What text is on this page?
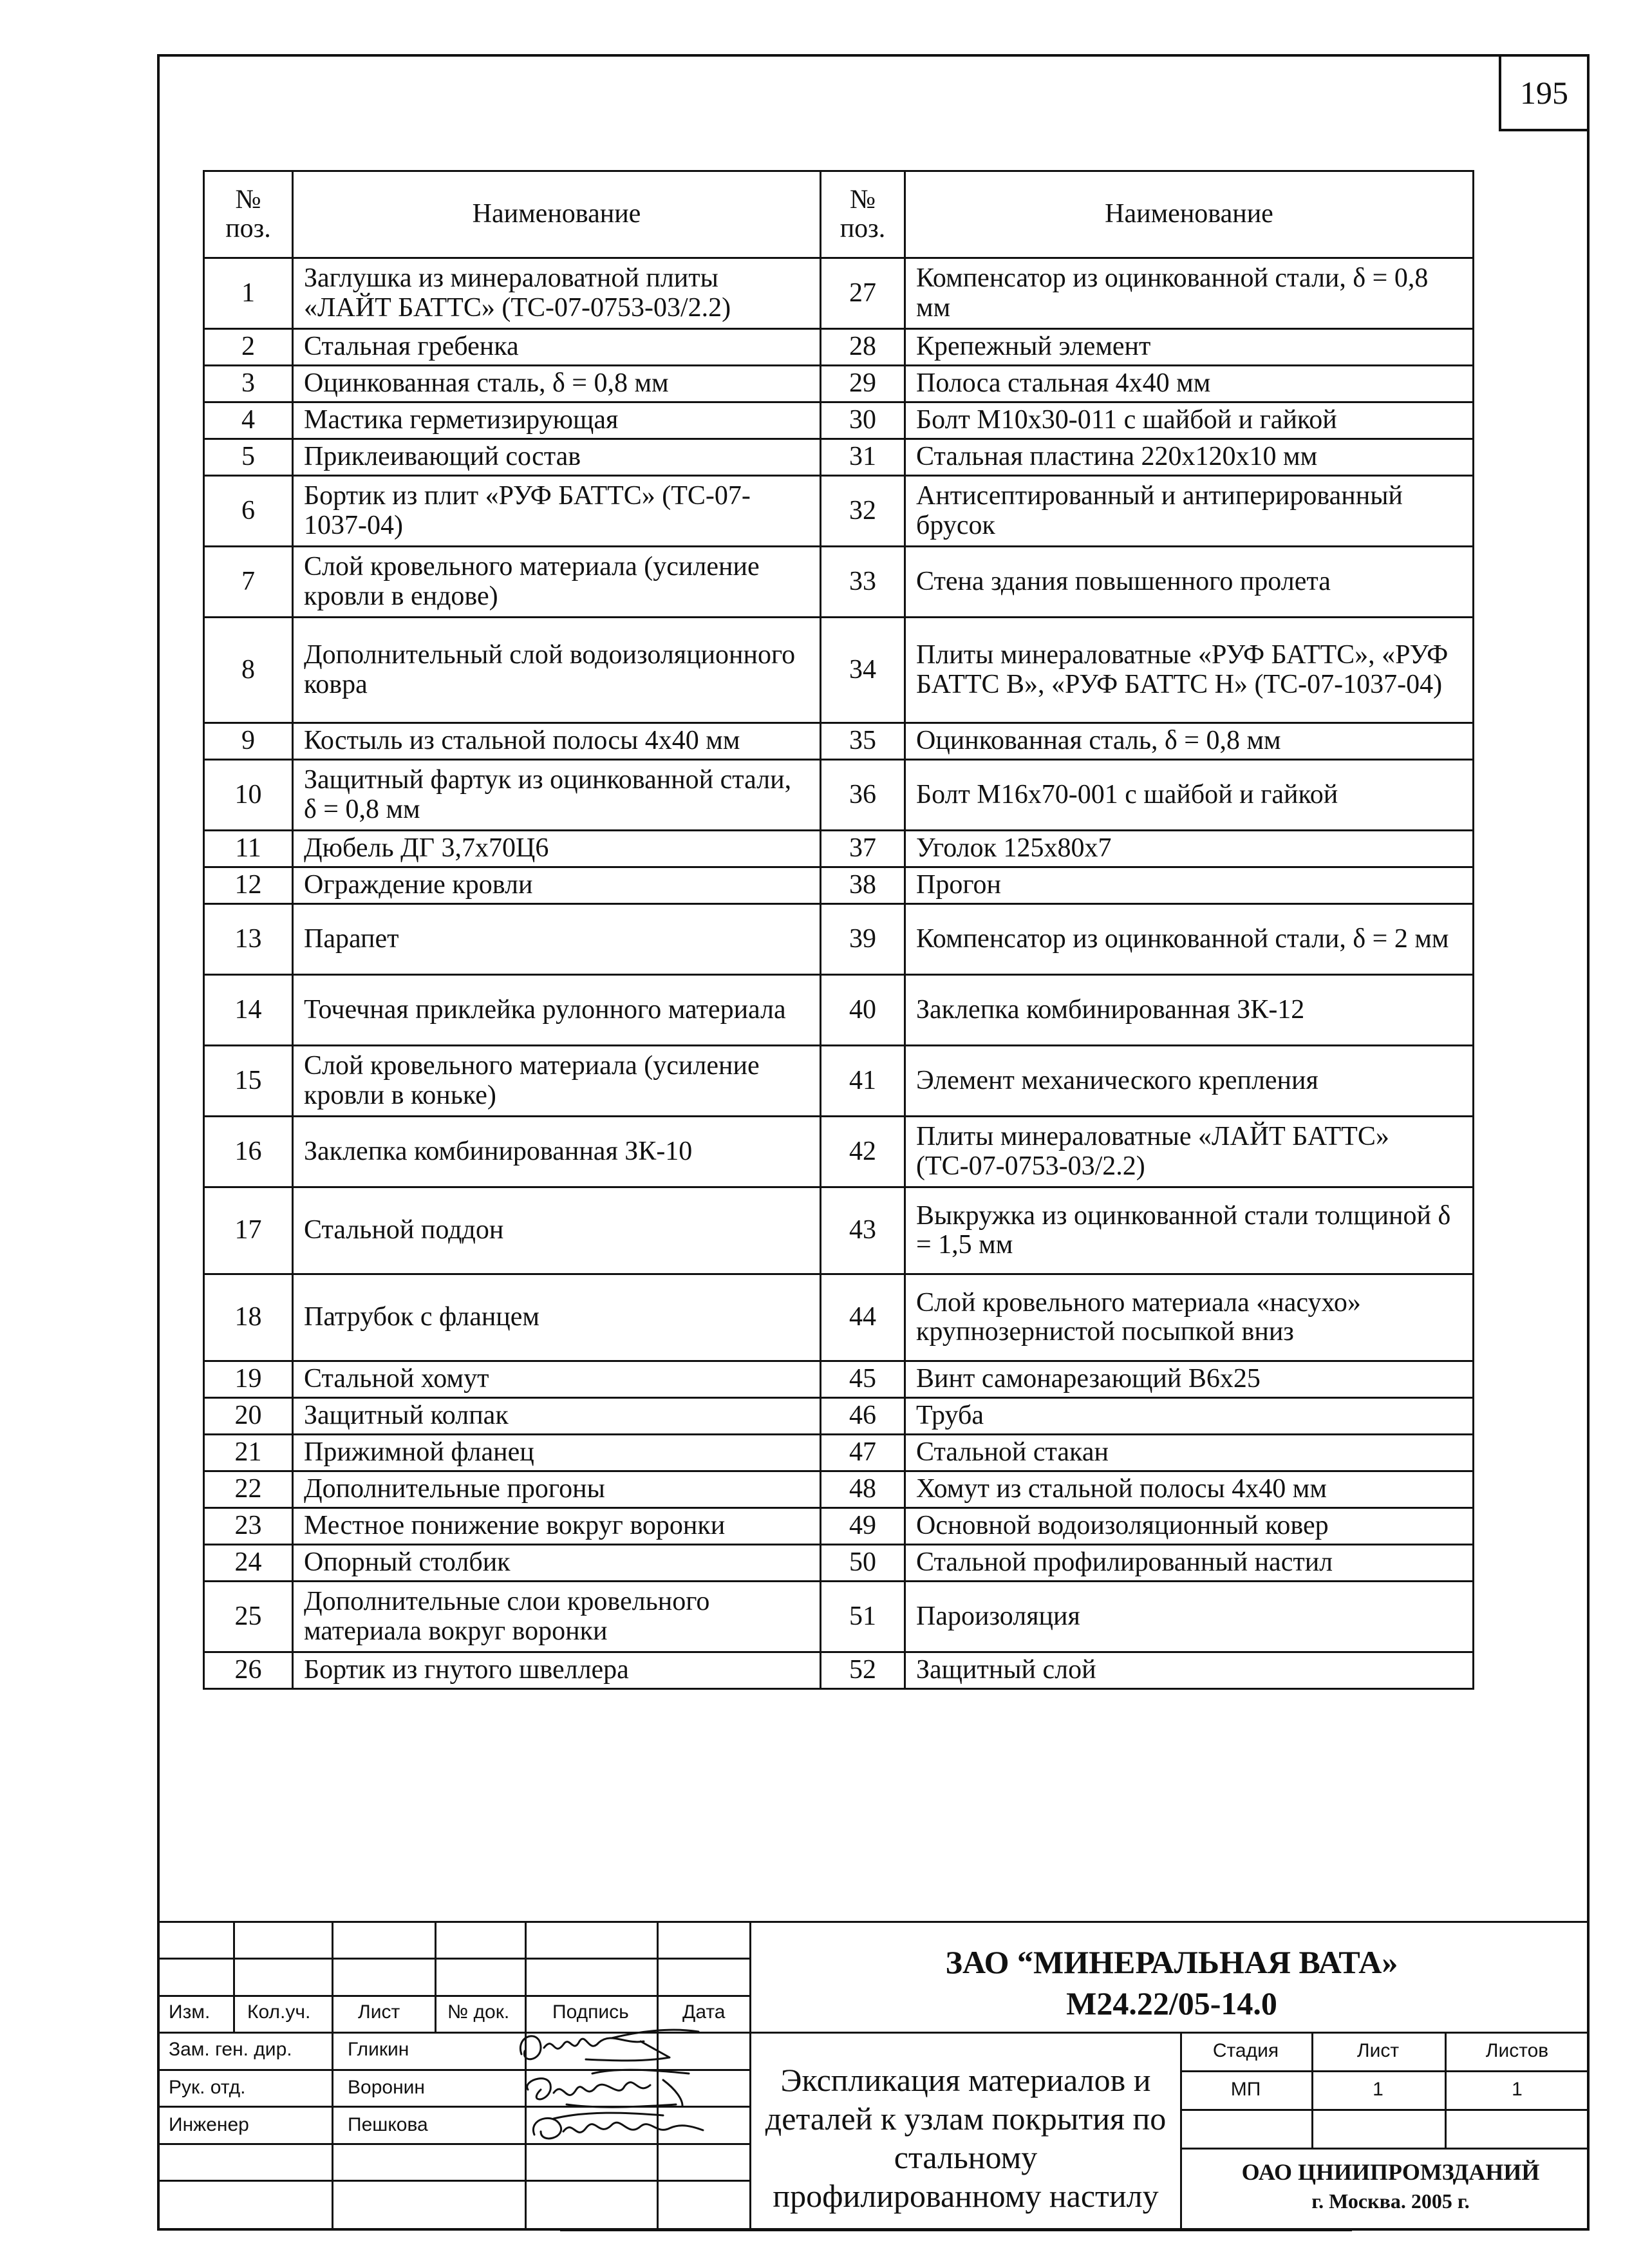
195
№ поз.	Наименование	№ поз.	Наименование
1	Заглушка из минераловатной плиты «ЛАЙТ БАТТС» (ТС-07-0753-03/2.2)	27	Компенсатор из оцинкованной стали, δ = 0,8 мм
2	Стальная гребенка	28	Крепежный элемент
3	Оцинкованная сталь, δ = 0,8 мм	29	Полоса стальная 4х40 мм
4	Мастика герметизирующая	30	Болт М10х30-011 с шайбой и гайкой
5	Приклеивающий состав	31	Стальная пластина 220х120х10 мм
6	Бортик из плит «РУФ БАТТС» (ТС-07-1037-04)	32	Антисептированный и антиперированный брусок
7	Слой кровельного материала (усиление кровли в ендове)	33	Стена здания повышенного пролета
8	Дополнительный слой водоизоляционного ковра	34	Плиты минераловатные «РУФ БАТТС», «РУФ БАТТС В», «РУФ БАТТС Н» (ТС-07-1037-04)
9	Костыль из стальной полосы 4х40 мм	35	Оцинкованная сталь, δ = 0,8 мм
10	Защитный фартук из оцинкованной стали, δ = 0,8 мм	36	Болт М16х70-001 с шайбой и гайкой
11	Дюбель ДГ 3,7х70Ц6	37	Уголок 125х80х7
12	Ограждение кровли	38	Прогон
13	Парапет	39	Компенсатор из оцинкованной стали, δ = 2 мм
14	Точечная приклейка рулонного материала	40	Заклепка комбинированная ЗК-12
15	Слой кровельного материала (усиление кровли в коньке)	41	Элемент механического крепления
16	Заклепка комбинированная ЗК-10	42	Плиты минераловатные «ЛАЙТ БАТТС» (ТС-07-0753-03/2.2)
17	Стальной поддон	43	Выкружка из оцинкованной стали толщиной δ = 1,5 мм
18	Патрубок с фланцем	44	Слой кровельного материала «насухо» крупнозернистой посыпкой вниз
19	Стальной хомут	45	Винт самонарезающий В6х25
20	Защитный колпак	46	Труба
21	Прижимной фланец	47	Стальной стакан
22	Дополнительные прогоны	48	Хомут из стальной полосы 4х40 мм
23	Местное понижение вокруг воронки	49	Основной водоизоляционный ковер
24	Опорный столбик	50	Стальной профилированный настил
25	Дополнительные слои кровельного материала вокруг воронки	51	Пароизоляция
26	Бортик из гнутого швеллера	52	Защитный слой
Изм. Кол.уч. Лист № док. Подпись	Дата
Зам. ген. дир.	Гликин
Рук. отд.	Воронин
Инженер	Пешкова
ЗАО “МИНЕРАЛЬНАЯ ВАТА»
М24.22/05-14.0
Экспликация материалов и деталей к узлам покрытия по стальному профилированному настилу
Стадия	Лист	Листов
МП	1	1
ОАО ЦНИИПРОМЗДАНИЙ
г. Москва. 2005 г.
